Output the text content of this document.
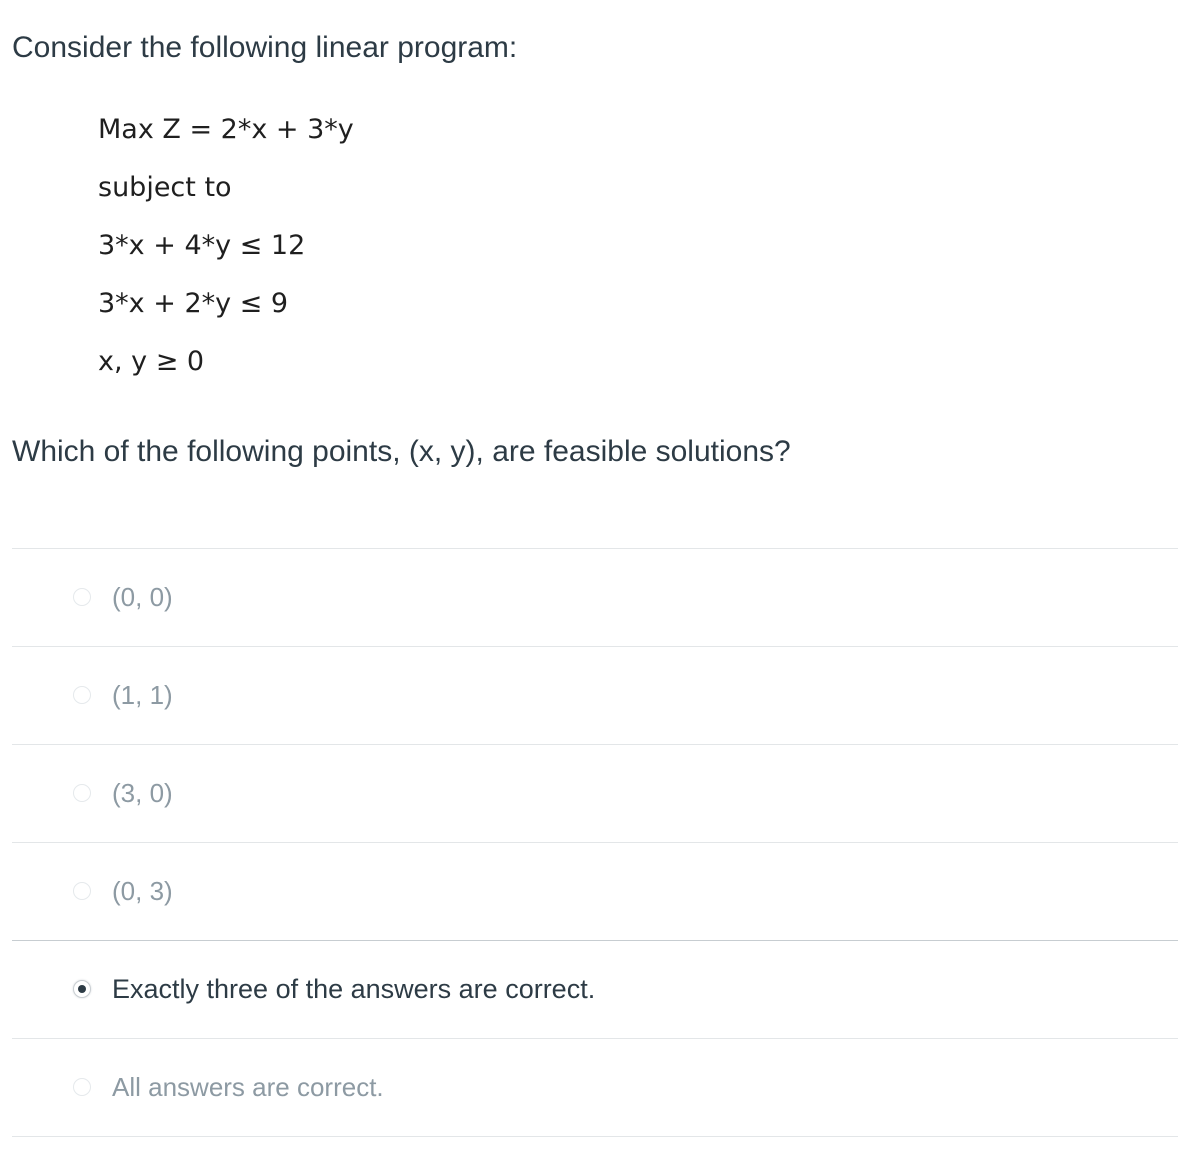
Consider the following linear program:
Max Z = 2*x + 3*y
subject to
3*x + 4*y ≤ 12
3*x + 2*y ≤ 9
x, y ≥ 0
Which of the following points, (x, y), are feasible solutions?
(0, 0)
(1, 1)
(3, 0)
(0, 3)
Exactly three of the answers are correct.
All answers are correct.
